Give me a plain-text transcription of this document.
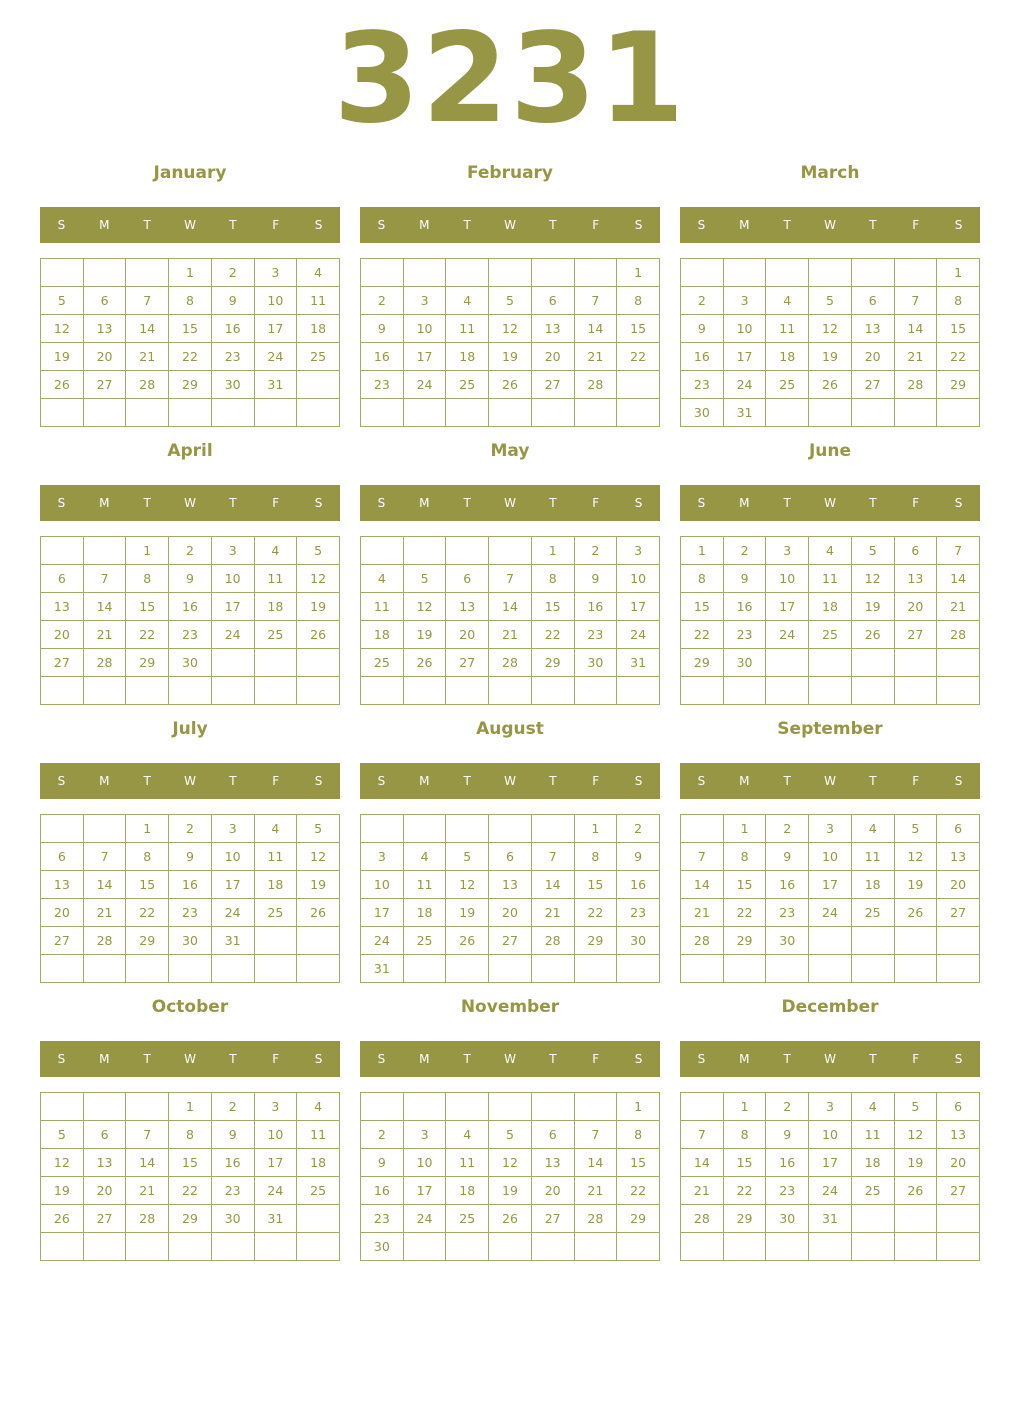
3231
January
S	M	T	W	T	F	S
			1	2	3	4
5	6	7	8	9	10	11
12	13	14	15	16	17	18
19	20	21	22	23	24	25
26	27	28	29	30	31	

February
S	M	T	W	T	F	S
						1
2	3	4	5	6	7	8
9	10	11	12	13	14	15
16	17	18	19	20	21	22
23	24	25	26	27	28	

March
S	M	T	W	T	F	S
						1
2	3	4	5	6	7	8
9	10	11	12	13	14	15
16	17	18	19	20	21	22
23	24	25	26	27	28	29
30	31					
April
S	M	T	W	T	F	S
		1	2	3	4	5
6	7	8	9	10	11	12
13	14	15	16	17	18	19
20	21	22	23	24	25	26
27	28	29	30			

May
S	M	T	W	T	F	S
				1	2	3
4	5	6	7	8	9	10
11	12	13	14	15	16	17
18	19	20	21	22	23	24
25	26	27	28	29	30	31

June
S	M	T	W	T	F	S
1	2	3	4	5	6	7
8	9	10	11	12	13	14
15	16	17	18	19	20	21
22	23	24	25	26	27	28
29	30					

July
S	M	T	W	T	F	S
		1	2	3	4	5
6	7	8	9	10	11	12
13	14	15	16	17	18	19
20	21	22	23	24	25	26
27	28	29	30	31		

August
S	M	T	W	T	F	S
					1	2
3	4	5	6	7	8	9
10	11	12	13	14	15	16
17	18	19	20	21	22	23
24	25	26	27	28	29	30
31						
September
S	M	T	W	T	F	S
	1	2	3	4	5	6
7	8	9	10	11	12	13
14	15	16	17	18	19	20
21	22	23	24	25	26	27
28	29	30				

October
S	M	T	W	T	F	S
			1	2	3	4
5	6	7	8	9	10	11
12	13	14	15	16	17	18
19	20	21	22	23	24	25
26	27	28	29	30	31	

November
S	M	T	W	T	F	S
						1
2	3	4	5	6	7	8
9	10	11	12	13	14	15
16	17	18	19	20	21	22
23	24	25	26	27	28	29
30						
December
S	M	T	W	T	F	S
	1	2	3	4	5	6
7	8	9	10	11	12	13
14	15	16	17	18	19	20
21	22	23	24	25	26	27
28	29	30	31			
